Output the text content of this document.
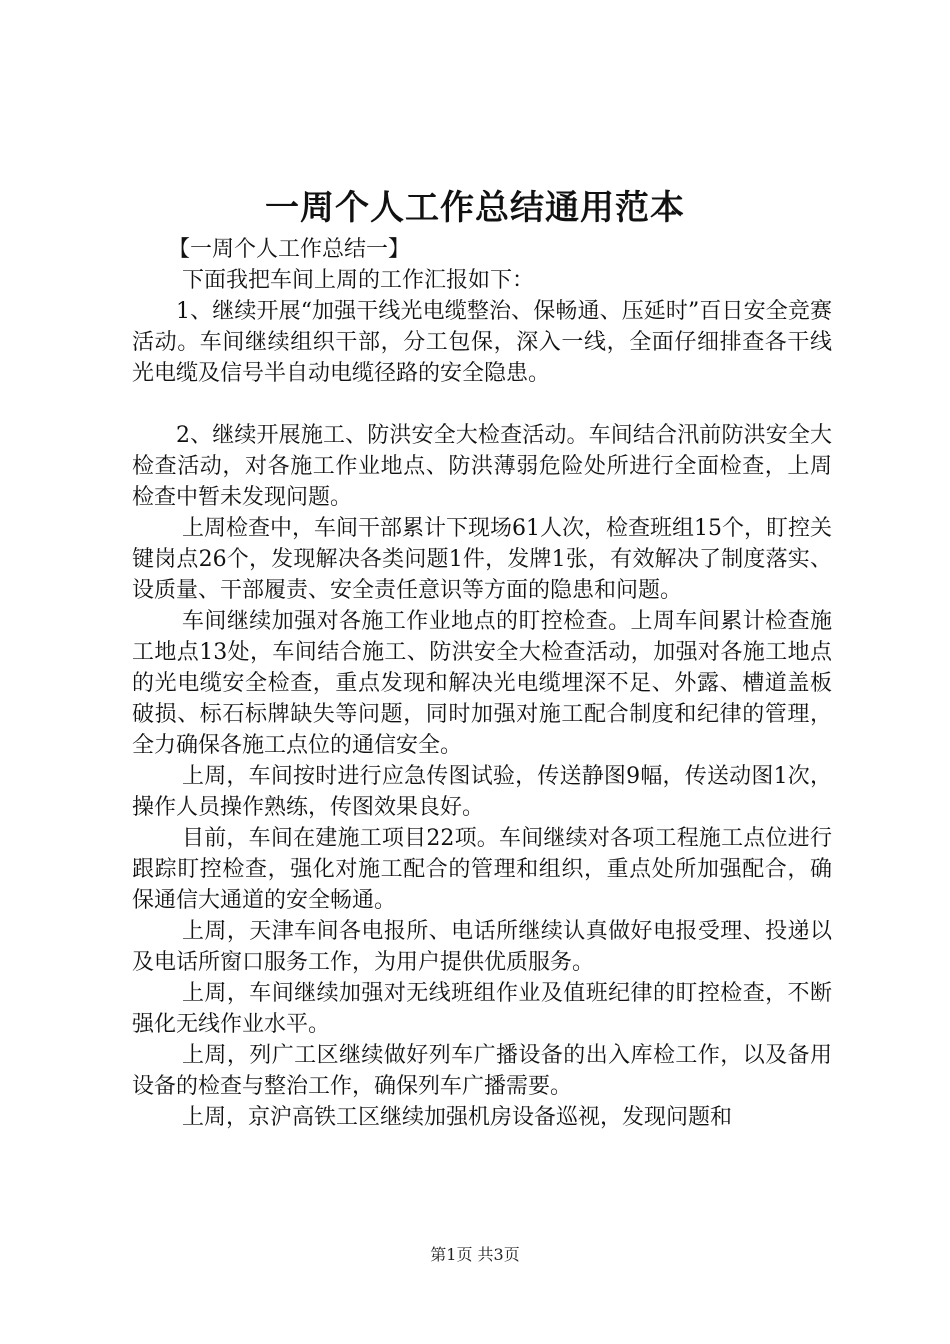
一周个人工作总结通用范本

【一周个人工作总结一】

下面我把车间上周的工作汇报如下：

1、继续开展“加强干线光电缆整治、保畅通、压延时”百日安全竞赛活动。车间继续组织干部，分工包保，深入一线，全面仔细排查各干线光电缆及信号半自动电缆径路的安全隐患。

2、继续开展施工、防洪安全大检查活动。车间结合汛前防洪安全大检查活动，对各施工作业地点、防洪薄弱危险处所进行全面检查，上周检查中暂未发现问题。

上周检查中，车间干部累计下现场61人次，检查班组15个，盯控关键岗点26个，发现解决各类问题1件，发牌1张，有效解决了制度落实、设质量、干部履责、安全责任意识等方面的隐患和问题。

车间继续加强对各施工作业地点的盯控检查。上周车间累计检查施工地点13处，车间结合施工、防洪安全大检查活动，加强对各施工地点的光电缆安全检查，重点发现和解决光电缆埋深不足、外露、槽道盖板破损、标石标牌缺失等问题，同时加强对施工配合制度和纪律的管理，全力确保各施工点位的通信安全。

上周，车间按时进行应急传图试验，传送静图9幅，传送动图1次，操作人员操作熟练，传图效果良好。

目前，车间在建施工项目22项。车间继续对各项工程施工点位进行跟踪盯控检查，强化对施工配合的管理和组织，重点处所加强配合，确保通信大通道的安全畅通。

上周，天津车间各电报所、电话所继续认真做好电报受理、投递以及电话所窗口服务工作，为用户提供优质服务。

上周，车间继续加强对无线班组作业及值班纪律的盯控检查，不断强化无线作业水平。

上周，列广工区继续做好列车广播设备的出入库检工作，以及备用设备的检查与整治工作，确保列车广播需要。

上周，京沪高铁工区继续加强机房设备巡视，发现问题和

第1页 共3页
